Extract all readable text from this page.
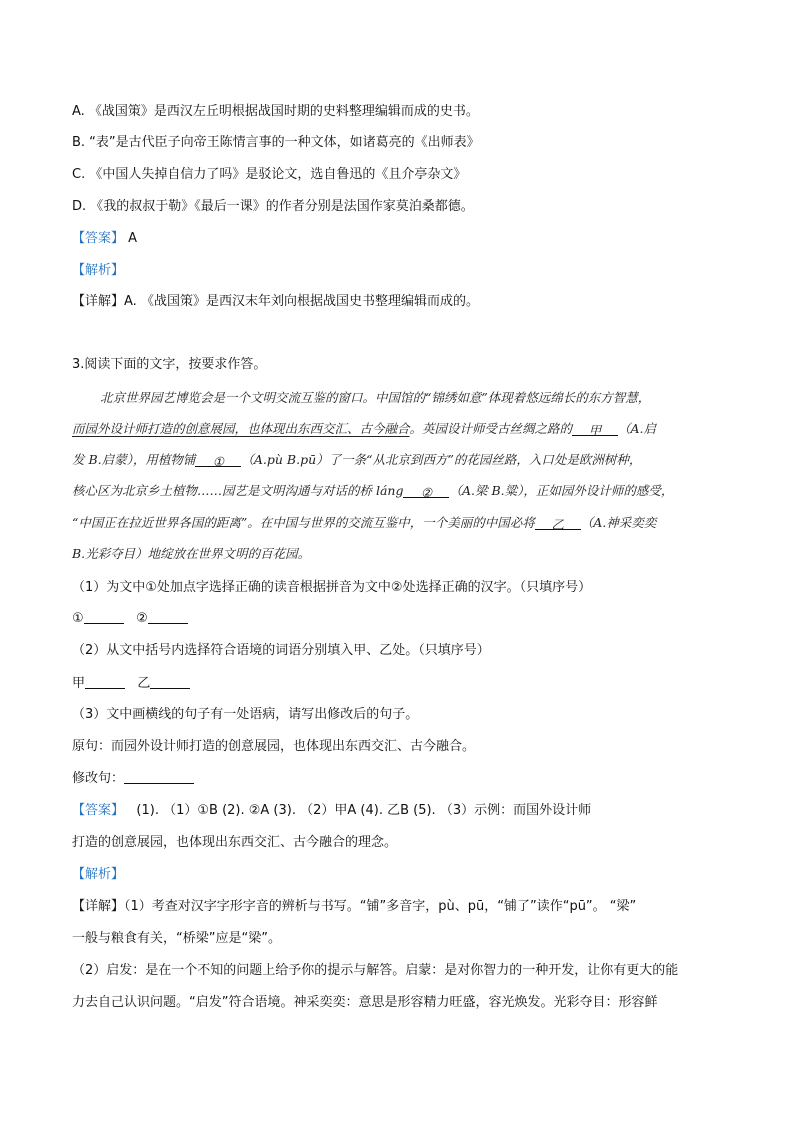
A. 《战国策》是西汉左丘明根据战国时期的史料整理编辑而成的史书。
B. “表”是古代臣子向帝王陈情言事的一种文体，如诸葛亮的《出师表》
C. 《中国人失掉自信力了吗》是驳论文，选自鲁迅的《且介亭杂文》
D. 《我的叔叔于勒》《最后一课》的作者分别是法国作家莫泊桑都德。
【答案】 A
【解析】
【详解】A. 《战国策》是西汉末年刘向根据战国史书整理编辑而成的。
3.阅读下面的文字，按要求作答。
北京世界园艺博览会是一个文明交流互鉴的窗口。中国馆的“锦绣如意”体现着悠远绵长的东方智慧，
而园外设计师打造的创意展园，也体现出东西交汇、古今融合。英园设计师受古丝绸之路的 甲 （A.启
发 B.启蒙），用植物铺 ① （A.pù B.pū）了一条“从北京到西方”的花园丝路，入口处是欧洲树种，
核心区为北京乡土植物……园艺是文明沟通与对话的桥 láng ② （A.梁 B.粱），正如园外设计师的感受，
“中国正在拉近世界各国的距离”。在中国与世界的交流互鉴中，一个美丽的中国必将 乙 （A.神采奕奕
B.光彩夺目）地绽放在世界文明的百花园。
（1）为文中①处加点字选择正确的读音根据拼音为文中②处选择正确的汉字。（只填序号）
①	②
（2）从文中括号内选择符合语境的词语分别填入甲、乙处。（只填序号）
甲	乙
（3）文中画横线的句子有一处语病，请写出修改后的句子。
原句：而园外设计师打造的创意展园，也体现出东西交汇、古今融合。
修改句：
【答案】 (1). （1）①B (2). ②A (3). （2）甲A (4). 乙B (5). （3）示例：而国外设计师
打造的创意展园，也体现出东西交汇、古今融合的理念。
【解析】
【详解】（1）考查对汉字字形字音的辨析与书写。“铺”多音字，pù、pū，“铺了”读作“pū”。 “梁”
一般与粮食有关，“桥梁”应是“梁”。
（2）启发：是在一个不知的问题上给予你的提示与解答。启蒙：是对你智力的一种开发，让你有更大的能
力去自己认识问题。“启发”符合语境。神采奕奕：意思是形容精力旺盛，容光焕发。光彩夺目：形容鲜
